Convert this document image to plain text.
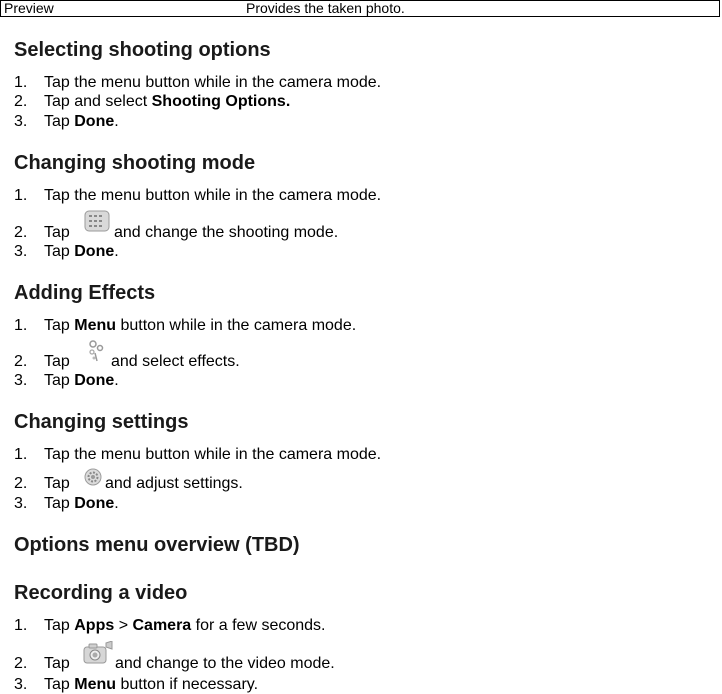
Preview	Provides the taken photo.
Selecting shooting options
1. Tap the menu button while in the camera mode.
2. Tap and select Shooting Options.
3. Tap Done.
Changing shooting mode
1. Tap the menu button while in the camera mode.
2. Tap	and change the shooting mode.
3. Tap Done.
Adding Effects
1. Tap Menu button while in the camera mode.
2. Tap	and select effects.
3. Tap Done.
Changing settings
1. Tap the menu button while in the camera mode.
2. Tap and adjust settings.
3. Tap Done.
Options menu overview (TBD)
Recording a video
1. Tap Apps > Camera for a few seconds.
2. Tap	and change to the video mode.
3. Tap Menu button if necessary.
